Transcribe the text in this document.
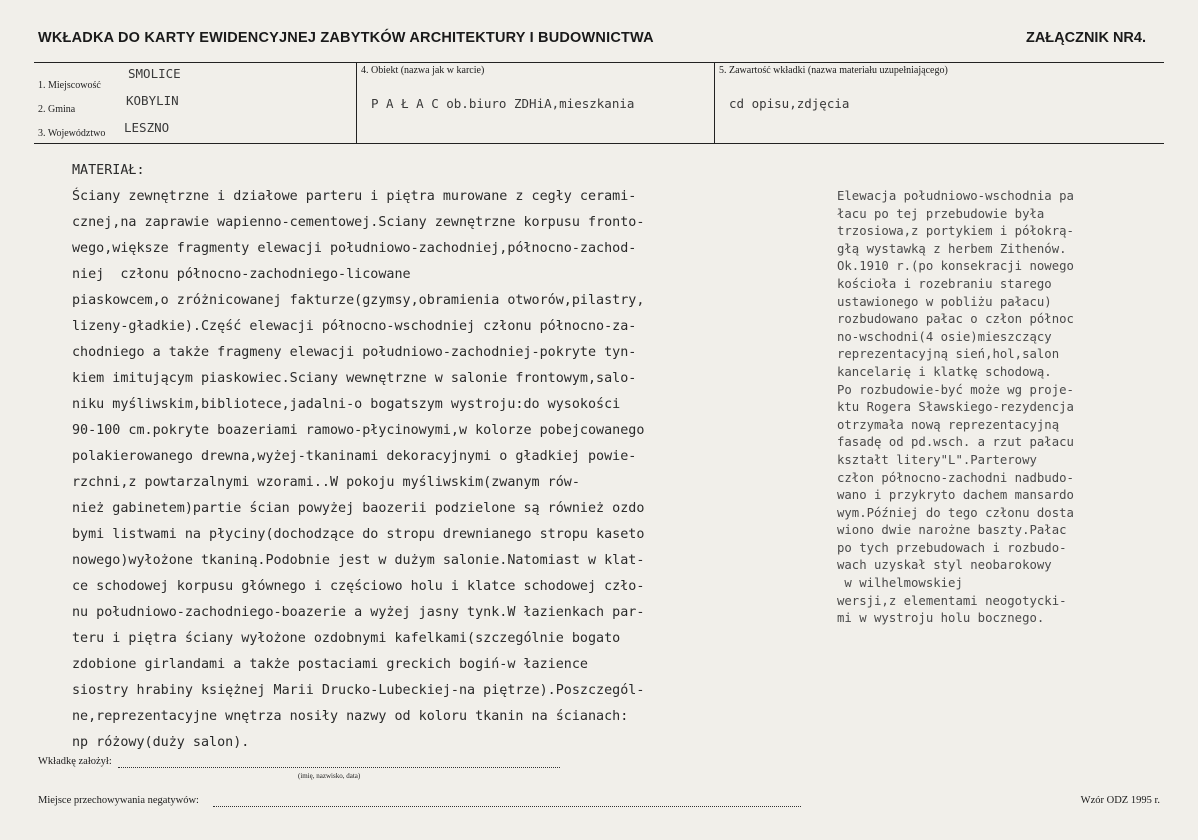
WKŁADKA DO KARTY EWIDENCYJNEJ ZABYTKÓW ARCHITEKTURY I BUDOWNICTWA	ZAŁĄCZNIK NR4.
1. Miejscowość
SMOLICE
2. Gmina
KOBYLIN
3. Województwo LESZNO
4. Obiekt (nazwa jak w karcie)
P A Ł A C ob.biuro ZDHiA,mieszkania
5. Zawartość wkładki (nazwa materiału uzupełniającego)
cd opisu,zdjęcia
MATERIAŁ:
Ściany zewnętrzne i działowe parteru i piętra murowane z cegły cerami-
cznej,na zaprawie wapienno-cementowej.Sciany zewnętrzne korpusu fronto-
wego,większe fragmenty elewacji południowo-zachodniej,północno-zachod-
niej  członu północno-zachodniego-licowane
piaskowcem,o zróżnicowanej fakturze(gzymsy,obramienia otworów,pilastry,
lizeny-gładkie).Część elewacji północno-wschodniej członu północno-za-
chodniego a także fragmeny elewacji południowo-zachodniej-pokryte tyn-
kiem imitującym piaskowiec.Sciany wewnętrzne w salonie frontowym,salo-
niku myśliwskim,bibliotece,jadalni-o bogatszym wystroju:do wysokości
90-100 cm.pokryte boazeriami ramowo-płycinowymi,w kolorze pobejcowanego
polakierowanego drewna,wyżej-tkaninami dekoracyjnymi o gładkiej powie-
rzchni,z powtarzalnymi wzorami..W pokoju myśliwskim(zwanym rów-
nież gabinetem)partie ścian powyżej baozerii podzielone są również ozdo
bymi listwami na płyciny(dochodzące do stropu drewnianego stropu kaseto
nowego)wyłożone tkaniną.Podobnie jest w dużym salonie.Natomiast w klat-
ce schodowej korpusu głównego i częściowo holu i klatce schodowej czło-
nu południowo-zachodniego-boazerie a wyżej jasny tynk.W łazienkach par-
teru i piętra ściany wyłożone ozdobnymi kafelkami(szczególnie bogato
zdobione girlandami a także postaciami greckich bogiń-w łazience
siostry hrabiny księżnej Marii Drucko-Lubeckiej-na piętrze).Poszczegól-
ne,reprezentacyjne wnętrza nosiły nazwy od koloru tkanin na ścianach:
np różowy(duży salon).
Elewacja południowo-wschodnia pa
łacu po tej przebudowie była
trzosiowa,z portykiem i półokrą-
głą wystawką z herbem Zithenów.
Ok.1910 r.(po konsekracji nowego
kościoła i rozebraniu starego
ustawionego w pobliżu pałacu)
rozbudowano pałac o człon północ
no-wschodni(4 osie)mieszczący
reprezentacyjną sień,hol,salon
kancelarię i klatkę schodową.
Po rozbudowie-być może wg proje-
ktu Rogera Sławskiego-rezydencja
otrzymała nową reprezentacyjną
fasadę od pd.wsch. a rzut pałacu
kształt litery"L".Parterowy
człon północno-zachodni nadbudo-
wano i przykryto dachem mansardo
wym.Później do tego członu dosta
wiono dwie narożne baszty.Pałac
po tych przebudowach i rozbudo-
wach uzyskał styl neobarokowy
w wilhelmowskiej
wersji,z elementami neogotycki-
mi w wystroju holu bocznego.
Wkładkę założył:
(imię, nazwisko, data)
Miejsce przechowywania negatywów:	Wzór ODZ 1995 r.
